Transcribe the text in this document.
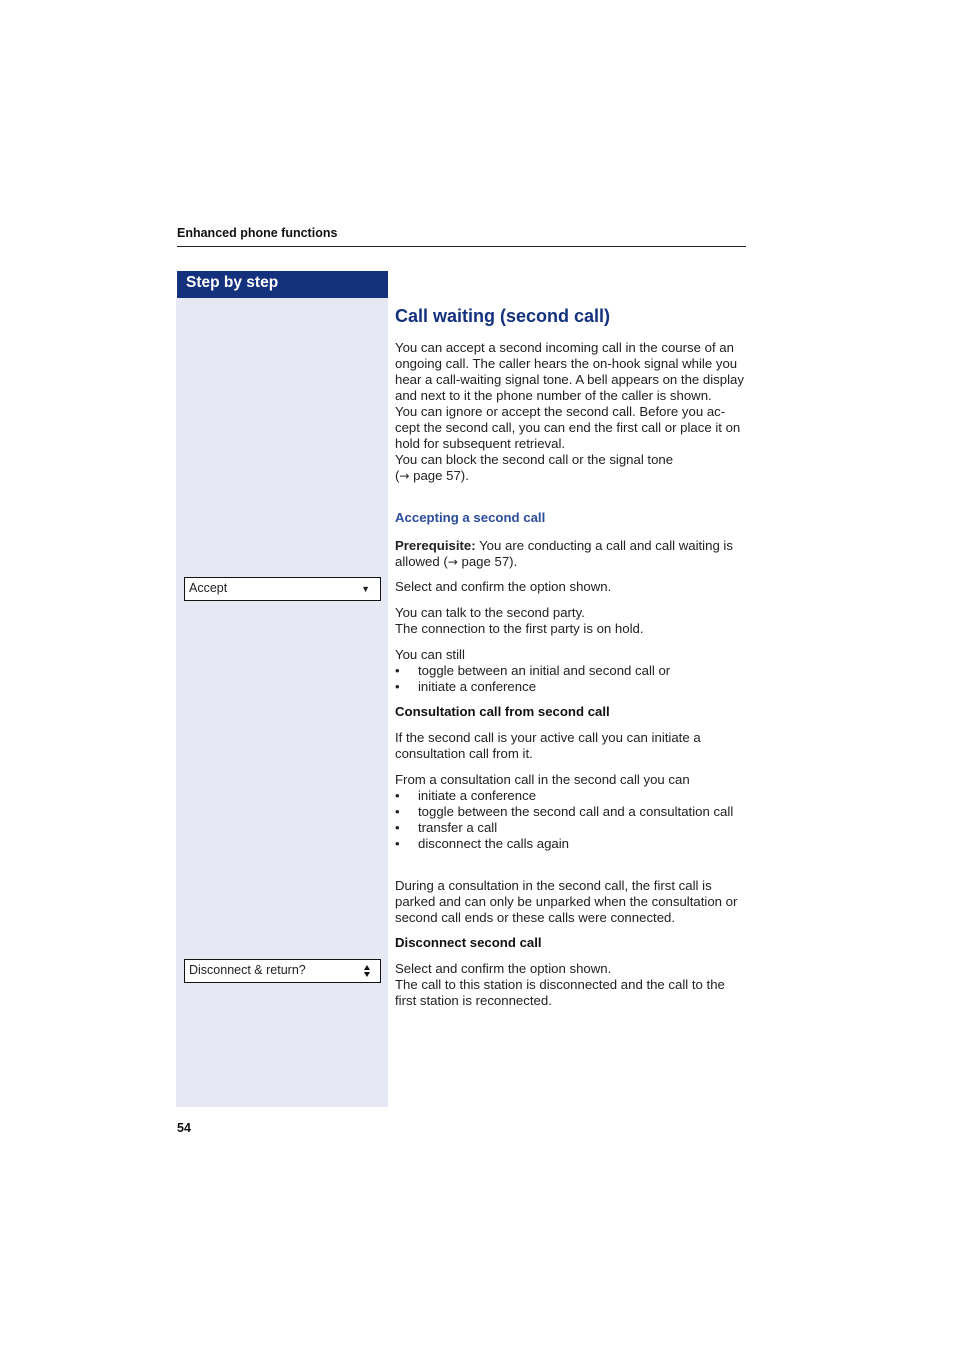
Enhanced phone functions
Step by step
Accept	▼
Disconnect & return?
Call waiting (second call)

You can accept a second incoming call in the course of an ongoing call. The caller hears the on-hook signal while you hear a call-waiting signal tone. A bell appears on the display and next to it the phone number of the caller is shown.

You can ignore or accept the second call. Before you ac-cept the second call, you can end the first call or place it on hold for subsequent retrieval.

You can block the second call or the signal tone

(→ page 57).

Accepting a second call

Prerequisite: You are conducting a call and call waiting is allowed (→ page 57).

Select and confirm the option shown.

You can talk to the second party.

The connection to the first party is on hold.

You can still

• toggle between an initial and second call or
• initiate a conference
Consultation call from second call
If the second call is your active call you can initiate a consultation call from it.

From a consultation call in the second call you can

• initiate a conference
• toggle between the second call and a consultation call
• transfer a call
• disconnect the calls again
During a consultation in the second call, the first call is parked and can only be unparked when the consultation or second call ends or these calls were connected.
Disconnect second call

Select and confirm the option shown.

The call to this station is disconnected and the call to the first station is reconnected.

54
